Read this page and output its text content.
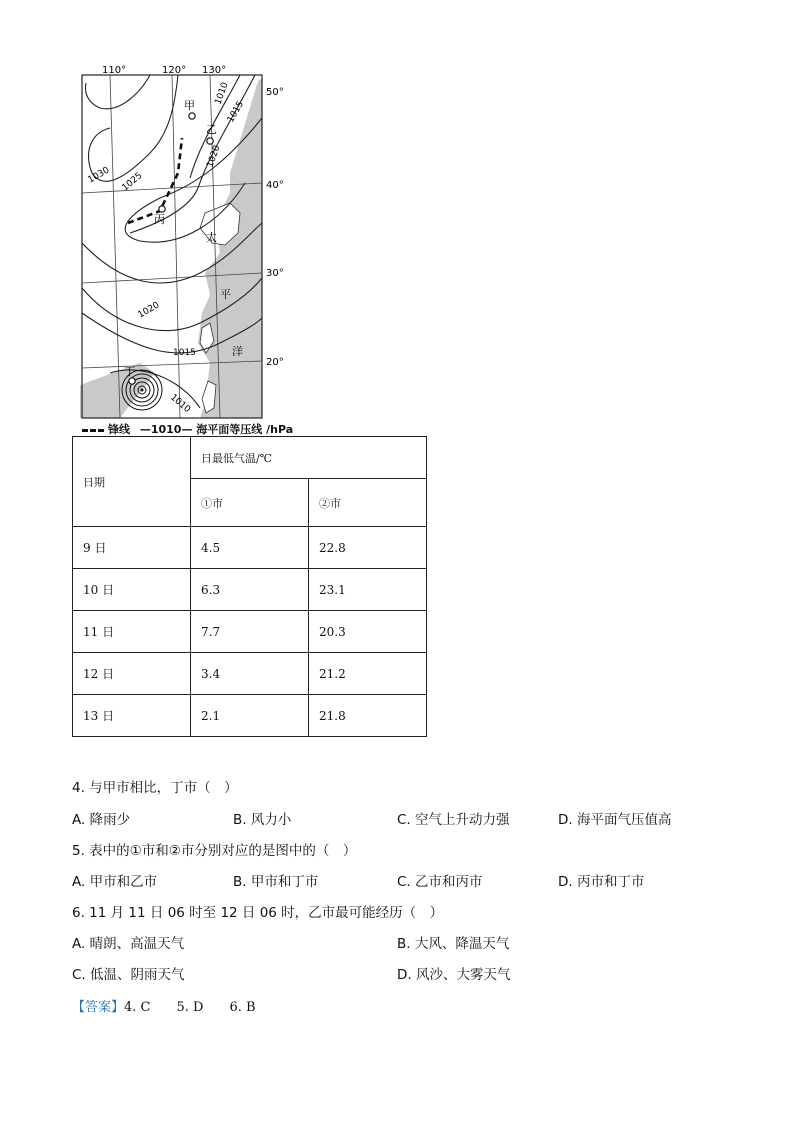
110°	120° 130°
50°
40°
30°
20°
1010
1015
1020
1025
1030
1020
1015
1010
甲
乙
丙
丁
太
平
洋
锋线 —1010— 海平面等压线 /hPa
日期	日最低气温/℃	
	①市	②市
9 日	4.5	22.8
10 日	6.3	23.1
11 日	7.7	20.3
12 日	3.4	21.2
13 日	2.1	21.8
4. 与甲市相比，丁市（　）
A. 降雨少	B. 风力小	C. 空气上升动力强	D. 海平面气压值高
5. 表中的①市和②市分别对应的是图中的（　）
A. 甲市和乙市	B. 甲市和丁市	C. 乙市和丙市	D. 丙市和丁市
6. 11 月 11 日 06 时至 12 日 06 时，乙市最可能经历（　）
A. 晴朗、高温天气	B. 大风、降温天气
C. 低温、阴雨天气	D. 风沙、大雾天气
【答案】4. C　　5. D　　6. B
